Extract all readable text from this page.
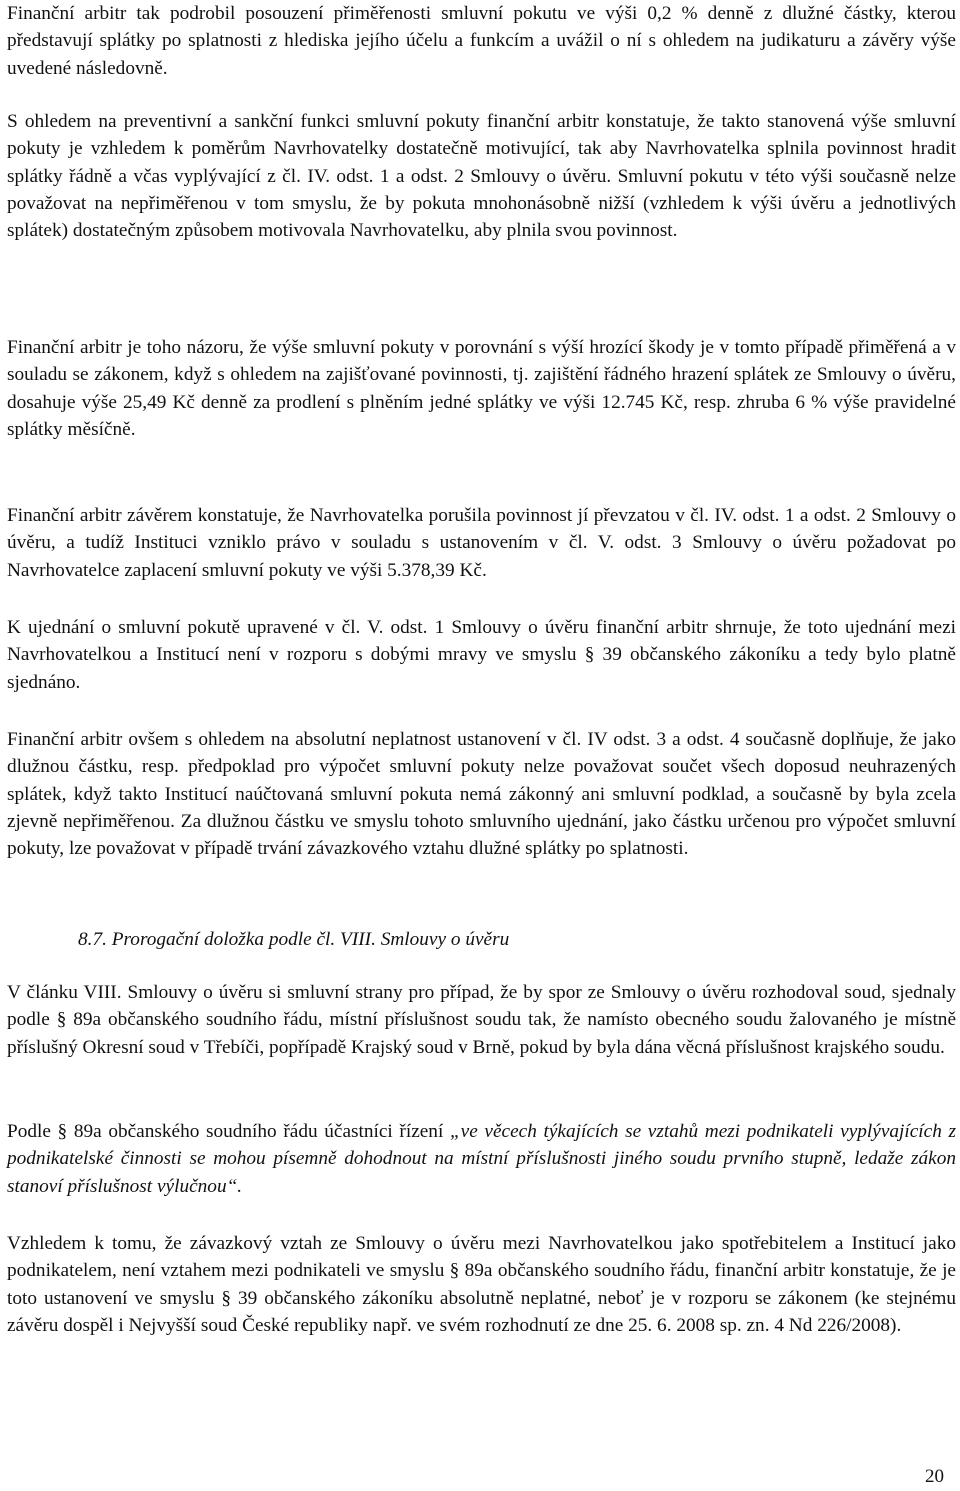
Finanční arbitr tak podrobil posouzení přiměřenosti smluvní pokutu ve výši 0,2 % denně z dlužné částky, kterou představují splátky po splatnosti z hlediska jejího účelu a funkcím a uvážil o ní s ohledem na judikaturu a závěry výše uvedené následovně.

S ohledem na preventivní a sankční funkci smluvní pokuty finanční arbitr konstatuje, že takto stanovená výše smluvní pokuty je vzhledem k poměrům Navrhovatelky dostatečně motivující, tak aby Navrhovatelka splnila povinnost hradit splátky řádně a včas vyplývající z čl. IV. odst. 1 a odst. 2 Smlouvy o úvěru. Smluvní pokutu v této výši současně nelze považovat na nepřiměřenou v tom smyslu, že by pokuta mnohonásobně nižší (vzhledem k výši úvěru a jednotlivých splátek) dostatečným způsobem motivovala Navrhovatelku, aby plnila svou povinnost.

Finanční arbitr je toho názoru, že výše smluvní pokuty v porovnání s výší hrozící škody je v tomto případě přiměřená a v souladu se zákonem, když s ohledem na zajišťované povinnosti, tj. zajištění řádného hrazení splátek ze Smlouvy o úvěru, dosahuje výše 25,49 Kč denně za prodlení s plněním jedné splátky ve výši 12.745 Kč, resp. zhruba 6 % výše pravidelné splátky měsíčně.

Finanční arbitr závěrem konstatuje, že Navrhovatelka porušila povinnost jí převzatou v čl. IV. odst. 1 a odst. 2 Smlouvy o úvěru, a tudíž Instituci vzniklo právo v souladu s ustanovením v čl. V. odst. 3 Smlouvy o úvěru požadovat po Navrhovatelce zaplacení smluvní pokuty ve výši 5.378,39 Kč.

K ujednání o smluvní pokutě upravené v čl. V. odst. 1 Smlouvy o úvěru finanční arbitr shrnuje, že toto ujednání mezi Navrhovatelkou a Institucí není v rozporu s dobými mravy ve smyslu § 39 občanského zákoníku a tedy bylo platně sjednáno.

Finanční arbitr ovšem s ohledem na absolutní neplatnost ustanovení v čl. IV odst. 3 a odst. 4 současně doplňuje, že jako dlužnou částku, resp. předpoklad pro výpočet smluvní pokuty nelze považovat součet všech doposud neuhrazených splátek, když takto Institucí naúčtovaná smluvní pokuta nemá zákonný ani smluvní podklad, a současně by byla zcela zjevně nepřiměřenou. Za dlužnou částku ve smyslu tohoto smluvního ujednání, jako částku určenou pro výpočet smluvní pokuty, lze považovat v případě trvání závazkového vztahu dlužné splátky po splatnosti.

8.7. Prorogační doložka podle čl. VIII. Smlouvy o úvěru

V článku VIII. Smlouvy o úvěru si smluvní strany pro případ, že by spor ze Smlouvy o úvěru rozhodoval soud, sjednaly podle § 89a občanského soudního řádu, místní příslušnost soudu tak, že namísto obecného soudu žalovaného je místně příslušný Okresní soud v Třebíči, popřípadě Krajský soud v Brně, pokud by byla dána věcná příslušnost krajského soudu.

Podle § 89a občanského soudního řádu účastníci řízení „ve věcech týkajících se vztahů mezi podnikateli vyplývajících z podnikatelské činnosti se mohou písemně dohodnout na místní příslušnosti jiného soudu prvního stupně, ledaže zákon stanoví příslušnost výlučnou“.

Vzhledem k tomu, že závazkový vztah ze Smlouvy o úvěru mezi Navrhovatelkou jako spotřebitelem a Institucí jako podnikatelem, není vztahem mezi podnikateli ve smyslu § 89a občanského soudního řádu, finanční arbitr konstatuje, že je toto ustanovení ve smyslu § 39 občanského zákoníku absolutně neplatné, neboť je v rozporu se zákonem (ke stejnému závěru dospěl i Nejvyšší soud České republiky např. ve svém rozhodnutí ze dne 25. 6. 2008 sp. zn. 4 Nd 226/2008).

20
